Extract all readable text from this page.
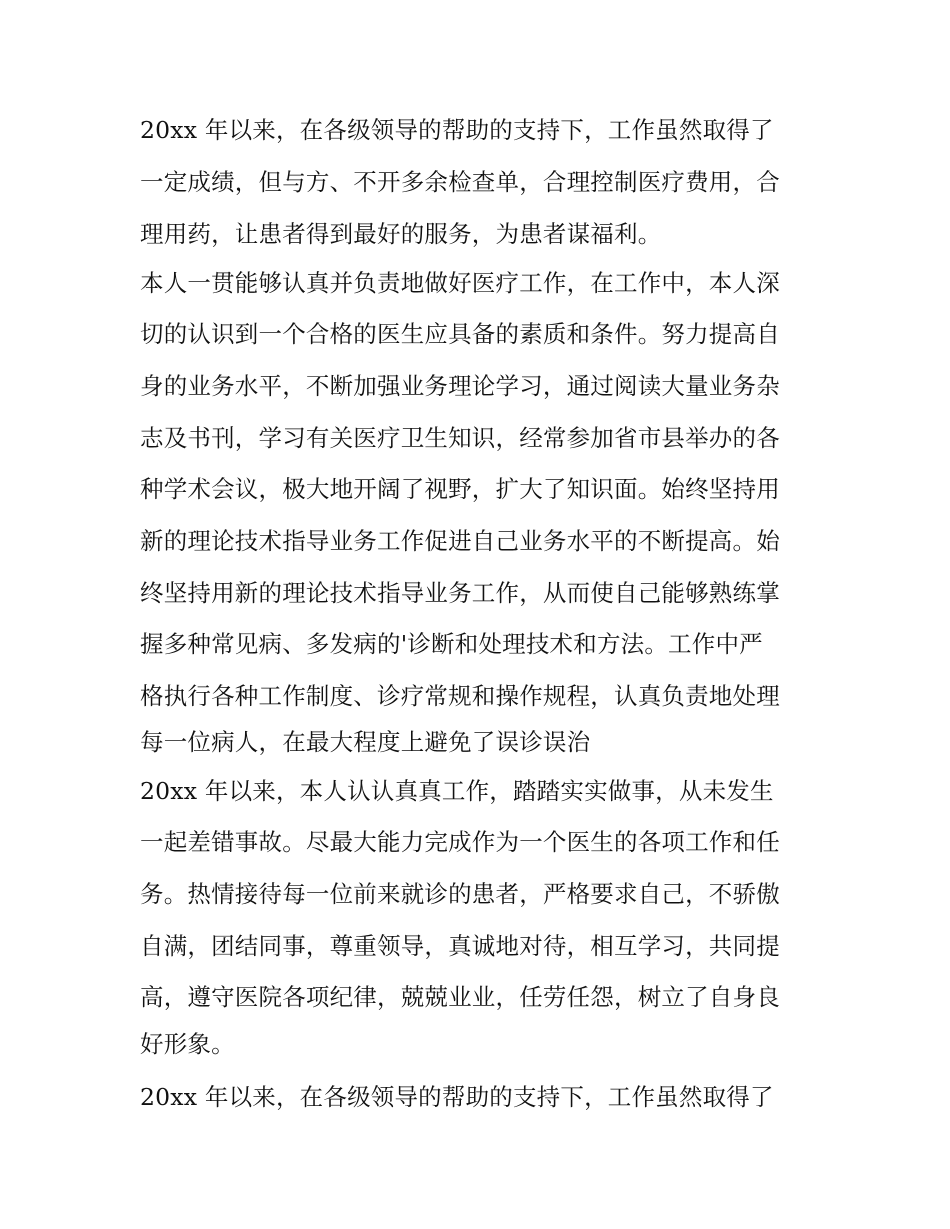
20xx 年以来，在各级领导的帮助的支持下，工作虽然取得了
一定成绩，但与方、不开多余检查单，合理控制医疗费用，合
理用药，让患者得到最好的服务，为患者谋福利。
本人一贯能够认真并负责地做好医疗工作，在工作中，本人深
切的认识到一个合格的医生应具备的素质和条件。努力提高自
身的业务水平，不断加强业务理论学习，通过阅读大量业务杂
志及书刊，学习有关医疗卫生知识，经常参加省市县举办的各
种学术会议，极大地开阔了视野，扩大了知识面。始终坚持用
新的理论技术指导业务工作促进自己业务水平的不断提高。始
终坚持用新的理论技术指导业务工作，从而使自己能够熟练掌
握多种常见病、多发病的'诊断和处理技术和方法。工作中严
格执行各种工作制度、诊疗常规和操作规程，认真负责地处理
每一位病人，在最大程度上避免了误诊误治
20xx 年以来，本人认认真真工作，踏踏实实做事，从未发生
一起差错事故。尽最大能力完成作为一个医生的各项工作和任
务。热情接待每一位前来就诊的患者，严格要求自己，不骄傲
自满，团结同事，尊重领导，真诚地对待，相互学习，共同提
高，遵守医院各项纪律，兢兢业业，任劳任怨，树立了自身良
好形象。
20xx 年以来，在各级领导的帮助的支持下，工作虽然取得了
